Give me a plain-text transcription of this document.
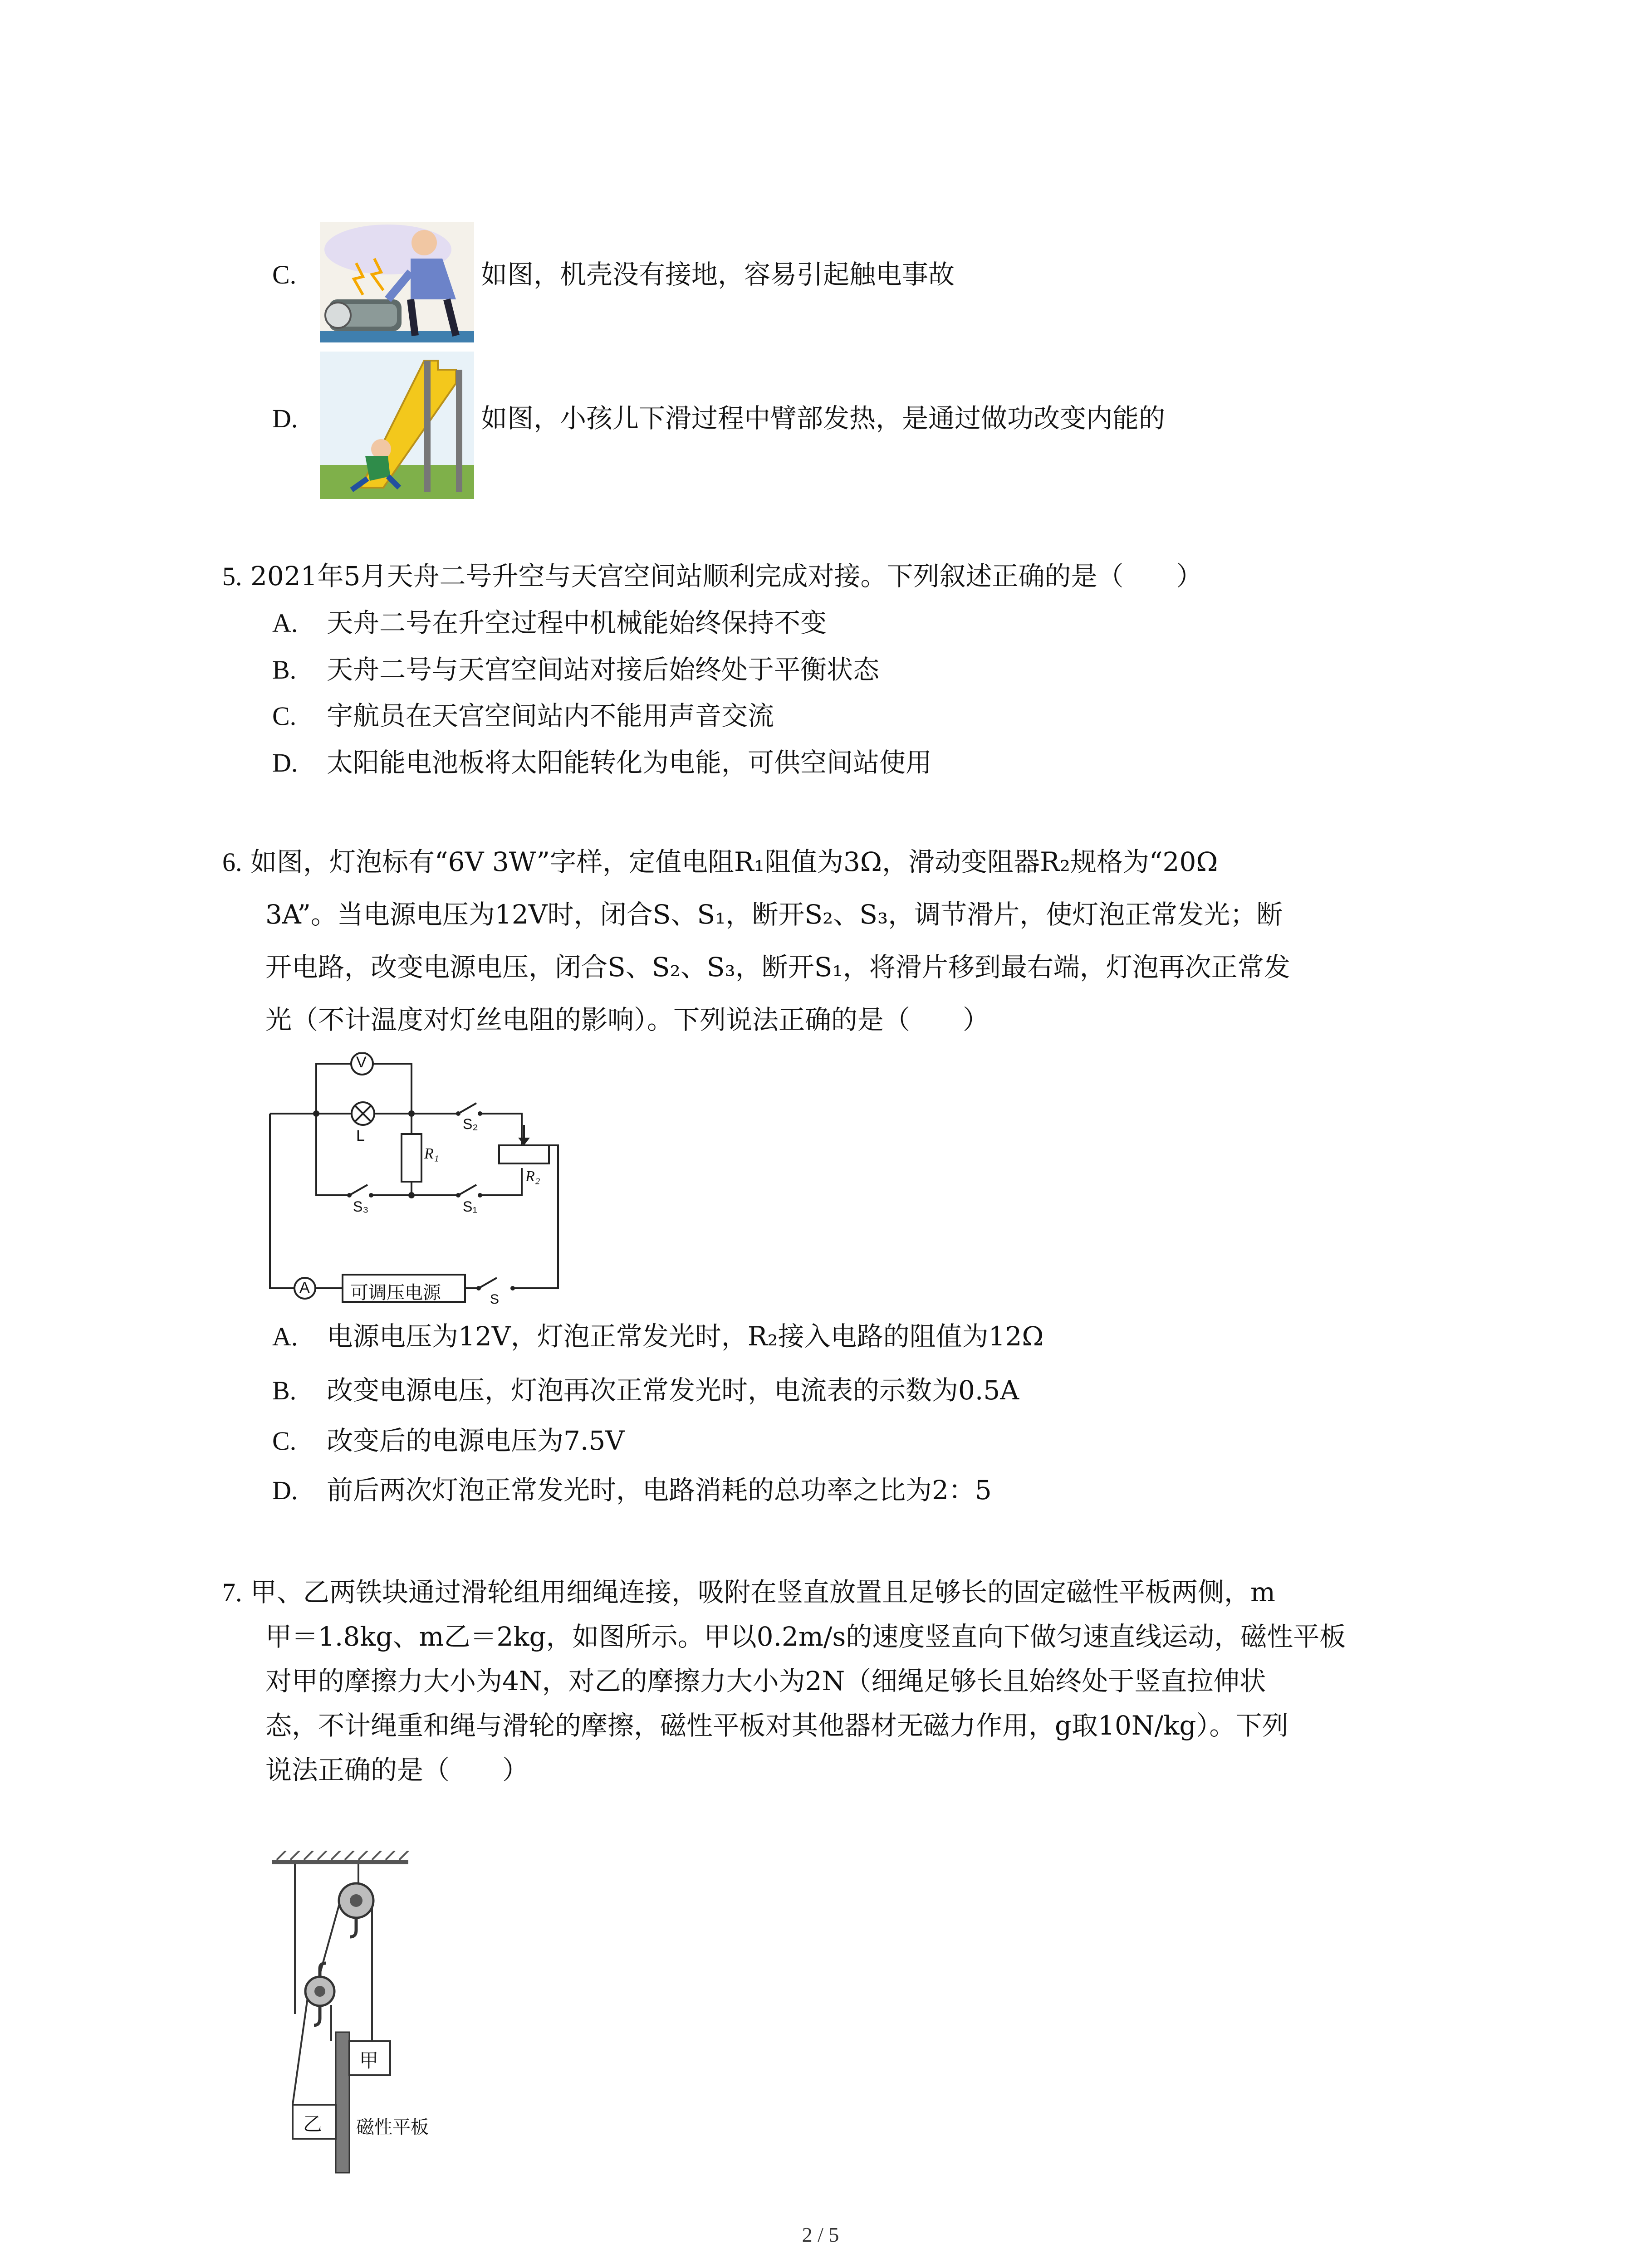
C.	如图，机壳没有接地，容易引起触电事故
D.	如图，小孩儿下滑过程中臂部发热，是通过做功改变内能的
5. 2021年5月天舟二号升空与天宫空间站顺利完成对接。下列叙述正确的是（　　）
A. 天舟二号在升空过程中机械能始终保持不变
B. 天舟二号与天宫空间站对接后始终处于平衡状态
C. 宇航员在天宫空间站内不能用声音交流
D. 太阳能电池板将太阳能转化为电能，可供空间站使用
6. 如图，灯泡标有“6V 3W”字样，定值电阻R₁阻值为3Ω，滑动变阻器R₂规格为“20Ω
3A”。当电源电压为12V时，闭合S、S₁，断开S₂、S₃，调节滑片，使灯泡正常发光；断
开电路，改变电源电压，闭合S、S₂、S₃，断开S₁，将滑片移到最右端，灯泡再次正常发
光（不计温度对灯丝电阻的影响）。下列说法正确的是（　　）
V
L
R₁
R₂
S₂
S₃	S₁
A 可调压电源	S
A. 电源电压为12V，灯泡正常发光时，R₂接入电路的阻值为12Ω
B. 改变电源电压，灯泡再次正常发光时，电流表的示数为0.5A
C. 改变后的电源电压为7.5V
D. 前后两次灯泡正常发光时，电路消耗的总功率之比为2：5
7. 甲、乙两铁块通过滑轮组用细绳连接，吸附在竖直放置且足够长的固定磁性平板两侧，m
甲＝1.8kg、m乙＝2kg，如图所示。甲以0.2m/s的速度竖直向下做匀速直线运动，磁性平板
对甲的摩擦力大小为4N，对乙的摩擦力大小为2N（细绳足够长且始终处于竖直拉伸状
态，不计绳重和绳与滑轮的摩擦，磁性平板对其他器材无磁力作用，g取10N/kg）。下列
说法正确的是（　　）
甲
乙 磁性平板
2 / 5
